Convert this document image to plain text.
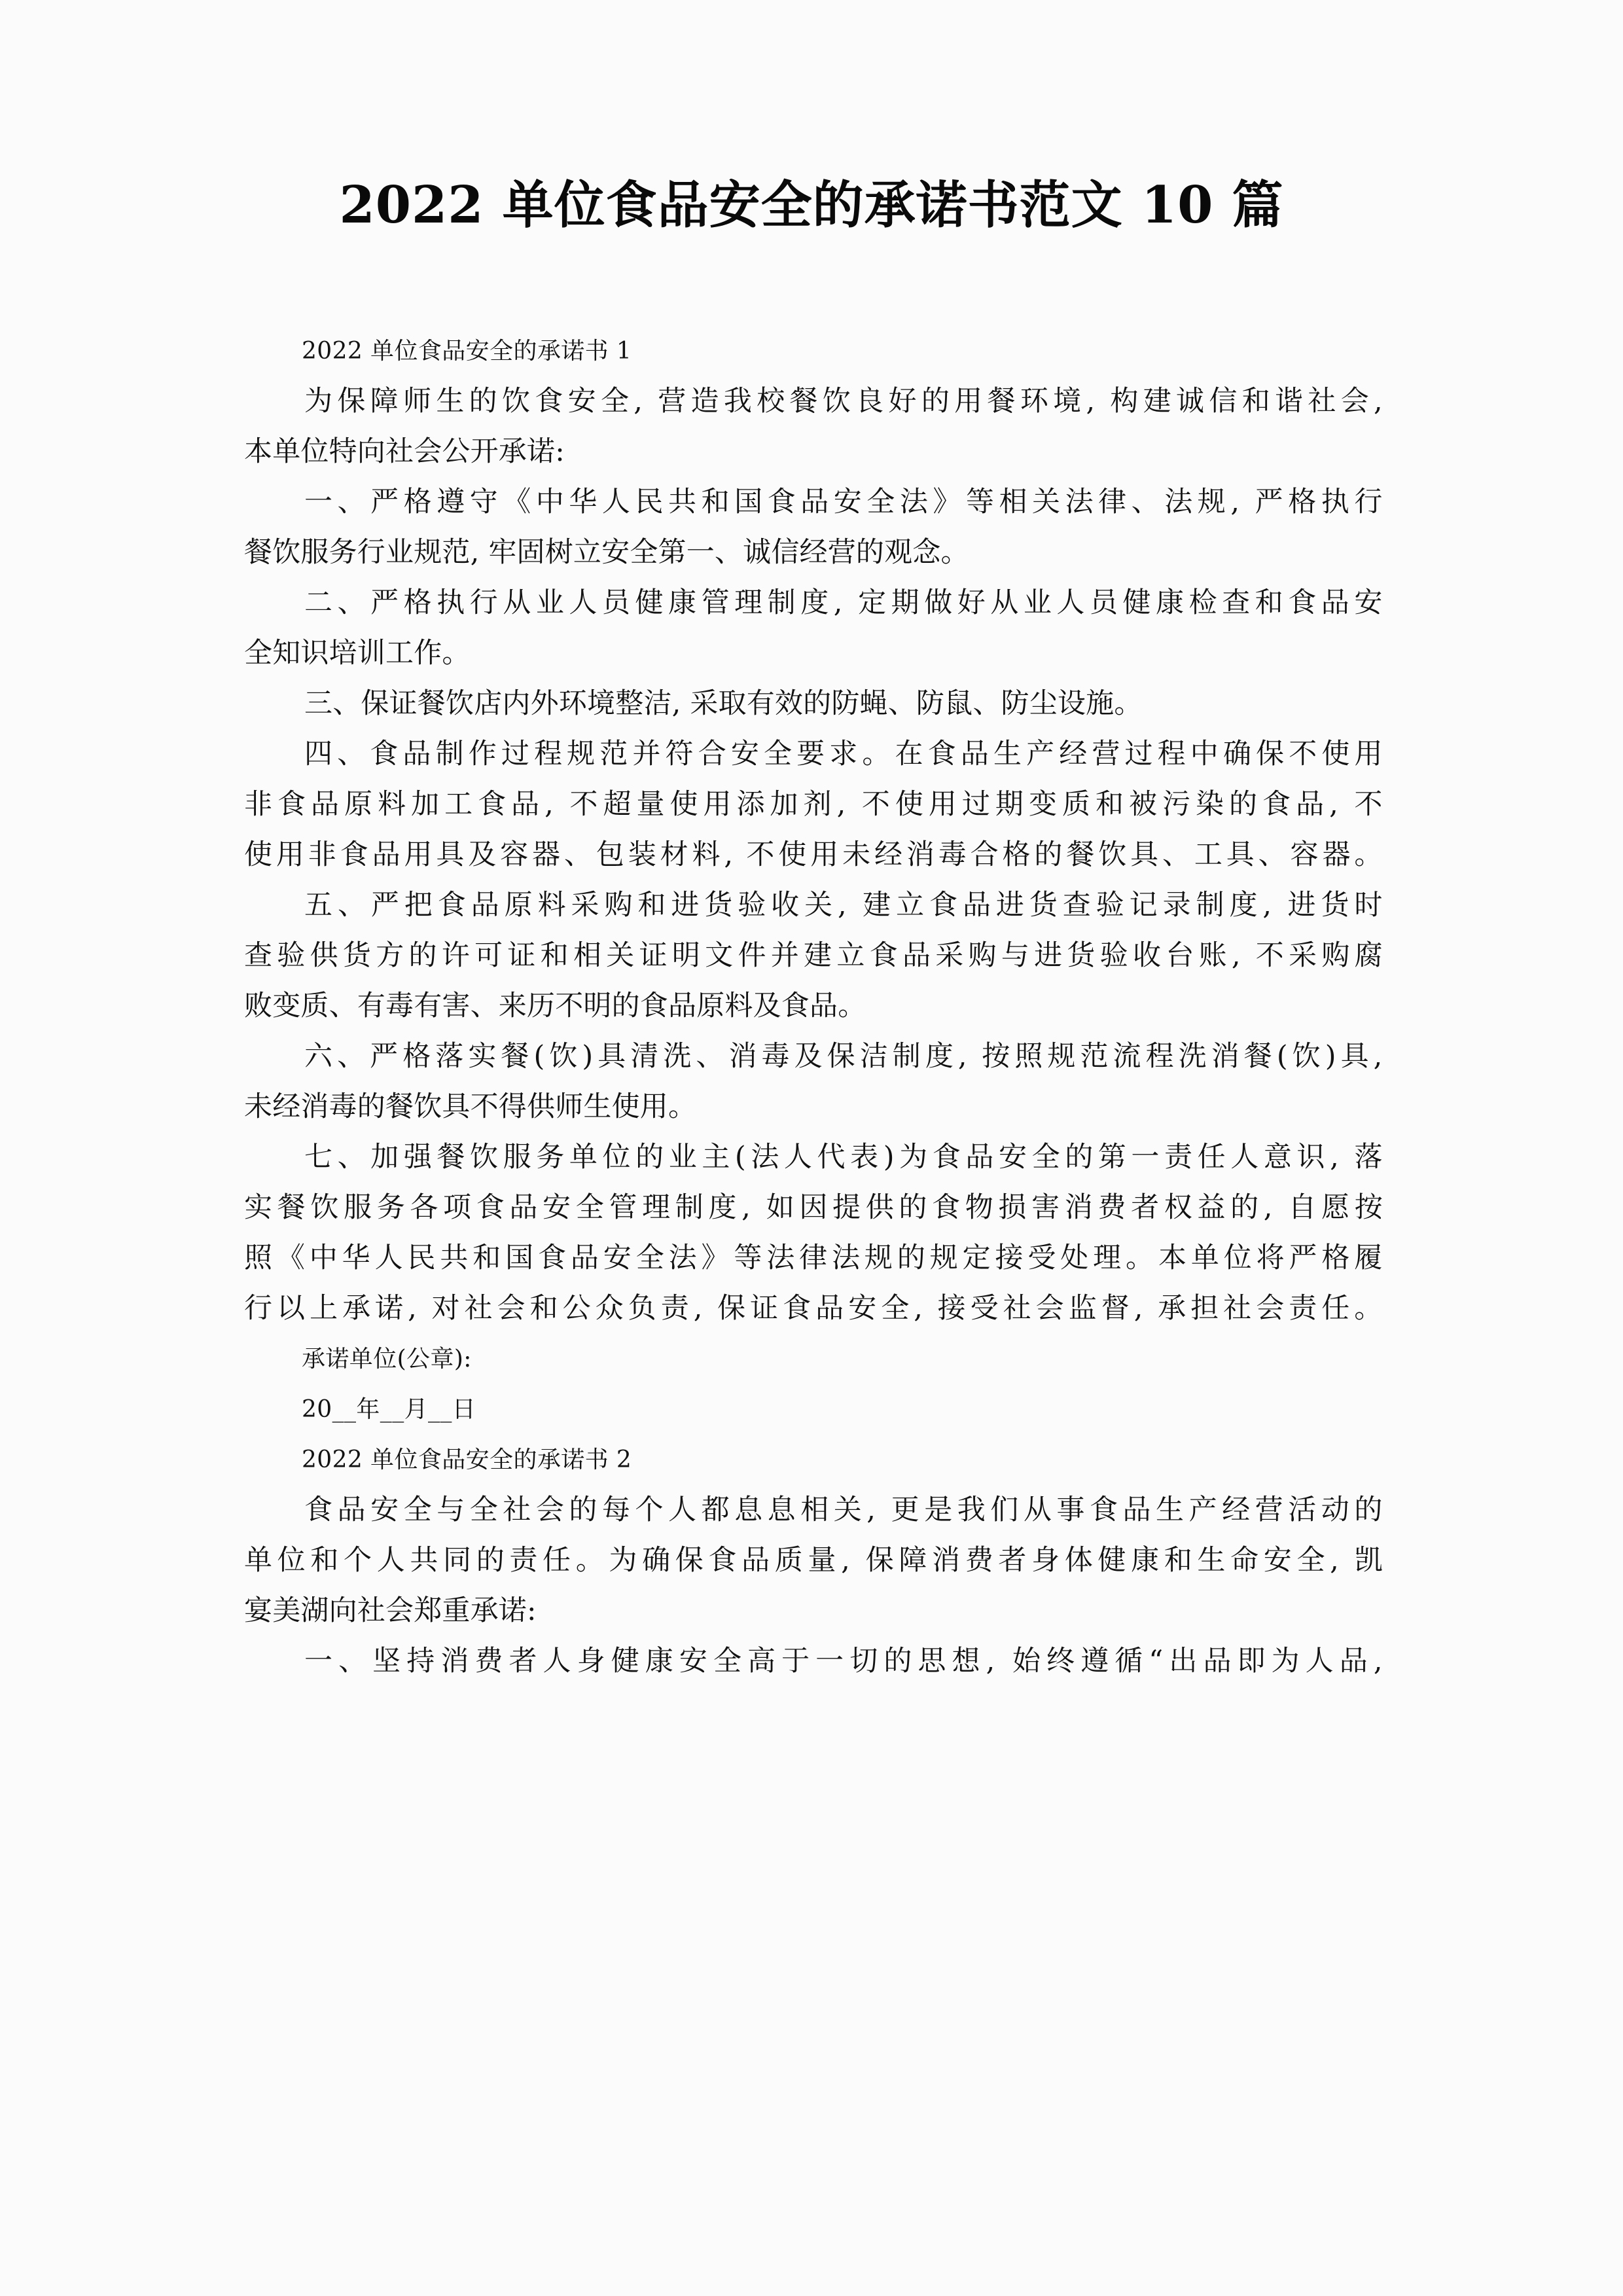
2022 单位食品安全的承诺书范文 10 篇
2022 单位食品安全的承诺书 1
为 保 障 师 生 的 饮 食 安 全 ,
  营 造 我 校 餐 饮 良 好 的 用 餐 环 境 ,
  构 建 诚 信 和 谐 社 会 ,
本单位特向社会公开承诺:
一 、 严 格 遵 守 《 中 华 人 民 共 和 国 食 品 安 全 法 》 等 相 关 法 律 、 法 规 ,
  严 格 执 行
餐饮服务行业规范, 牢固树立安全第一、诚信经营的观念。
二 、 严 格 执 行 从 业 人 员 健 康 管 理 制 度 ,
  定 期 做 好 从 业 人 员 健 康 检 查 和 食 品 安
全知识培训工作。
三、保证餐饮店内外环境整洁, 采取有效的防蝇、防鼠、防尘设施。
四 、 食 品 制 作 过 程 规 范 并 符 合 安 全 要 求 。 在 食 品 生 产 经 营 过 程 中 确 保 不 使 用
非 食 品 原 料 加 工 食 品 ,
  不 超 量 使 用 添 加 剂 ,
  不 使 用 过 期 变 质 和 被 污 染 的 食 品 ,
  不
使 用 非 食 品 用 具 及 容 器 、 包 装 材 料 ,
  不 使 用 未 经 消 毒 合 格 的 餐 饮 具 、 工 具 、 容 器 。
五 、 严 把 食 品 原 料 采 购 和 进 货 验 收 关 ,
  建 立 食 品 进 货 查 验 记 录 制 度 ,
  进 货 时
查 验 供 货 方 的 许 可 证 和 相 关 证 明 文 件 并 建 立 食 品 采 购 与 进 货 验 收 台 账 ,
  不 采 购 腐
败变质、有毒有害、来历不明的食品原料及食品。
六 、 严 格 落 实 餐 ( 饮 ) 具 清 洗 、 消 毒 及 保 洁 制 度 ,
  按 照 规 范 流 程 洗 消 餐 ( 饮 ) 具 ,
未经消毒的餐饮具不得供师生使用。
七 、 加 强 餐 饮 服 务 单 位 的 业 主 ( 法 人 代 表 ) 为 食 品 安 全 的 第 一 责 任 人 意 识 ,
  落
实 餐 饮 服 务 各 项 食 品 安 全 管 理 制 度 ,
  如 因 提 供 的 食 物 损 害 消 费 者 权 益 的 ,
  自 愿 按
照 《 中 华 人 民 共 和 国 食 品 安 全 法 》 等 法 律 法 规 的 规 定 接 受 处 理 。 本 单 位 将 严 格 履
行 以 上 承 诺 ,
  对 社 会 和 公 众 负 责 ,
  保 证 食 品 安 全 ,
  接 受 社 会 监 督 ,
  承 担 社 会 责 任 。
承诺单位(公章):
20__年__月__日
2022 单位食品安全的承诺书 2
食 品 安 全 与 全 社 会 的 每 个 人 都 息 息 相 关 ,
  更 是 我 们 从 事 食 品 生 产 经 营 活 动 的
单 位 和 个 人 共 同 的 责 任 。 为 确 保 食 品 质 量 ,
  保 障 消 费 者 身 体 健 康 和 生 命 安 全 ,
  凯
宴美湖向社会郑重承诺:
一 、 坚 持 消 费 者 人 身 健 康 安 全 高 于 一 切 的 思 想 ,
  始 终 遵 循 “ 出 品 即 为 人 品 ,
